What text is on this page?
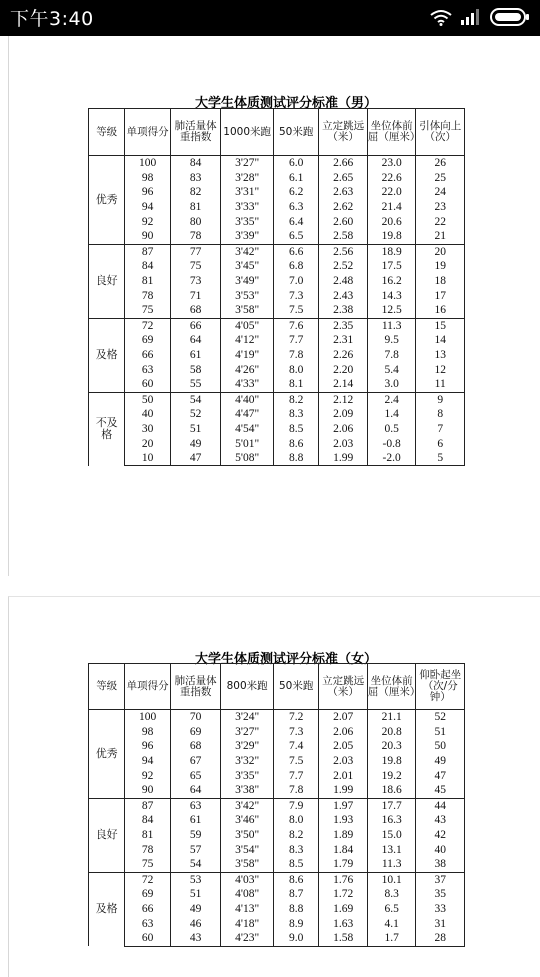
下午3:40
大学生体质测试评分标准（男）
等级	单项得分	肺活量体重指数	1000米跑	50米跑	立定跳远（米）	坐位体前屈（厘米）	引体向上（次）
优秀	100	84	3'27"	6.0	2.66	23.0	26
	98	83	3'28"	6.1	2.65	22.6	25
	96	82	3'31"	6.2	2.63	22.0	24
	94	81	3'33"	6.3	2.62	21.4	23
	92	80	3'35"	6.4	2.60	20.6	22
	90	78	3'39"	6.5	2.58	19.8	21
良好	87	77	3'42"	6.6	2.56	18.9	20
	84	75	3'45"	6.8	2.52	17.5	19
	81	73	3'49"	7.0	2.48	16.2	18
	78	71	3'53"	7.3	2.43	14.3	17
	75	68	3'58"	7.5	2.38	12.5	16
及格	72	66	4'05"	7.6	2.35	11.3	15
	69	64	4'12"	7.7	2.31	9.5	14
	66	61	4'19"	7.8	2.26	7.8	13
	63	58	4'26"	8.0	2.20	5.4	12
	60	55	4'33"	8.1	2.14	3.0	11
不及格	50	54	4'40"	8.2	2.12	2.4	9
	40	52	4'47"	8.3	2.09	1.4	8
	30	51	4'54"	8.5	2.06	0.5	7
	20	49	5'01"	8.6	2.03	-0.8	6
	10	47	5'08"	8.8	1.99	-2.0	5
大学生体质测试评分标准（女）
等级	单项得分	肺活量体重指数	800米跑	50米跑	立定跳远（米）	坐位体前屈（厘米）	仰卧起坐（次/分钟）
优秀	100	70	3'24"	7.2	2.07	21.1	52
	98	69	3'27"	7.3	2.06	20.8	51
	96	68	3'29"	7.4	2.05	20.3	50
	94	67	3'32"	7.5	2.03	19.8	49
	92	65	3'35"	7.7	2.01	19.2	47
	90	64	3'38"	7.8	1.99	18.6	45
良好	87	63	3'42"	7.9	1.97	17.7	44
	84	61	3'46"	8.0	1.93	16.3	43
	81	59	3'50"	8.2	1.89	15.0	42
	78	57	3'54"	8.3	1.84	13.1	40
	75	54	3'58"	8.5	1.79	11.3	38
及格	72	53	4'03"	8.6	1.76	10.1	37
	69	51	4'08"	8.7	1.72	8.3	35
	66	49	4'13"	8.8	1.69	6.5	33
	63	46	4'18"	8.9	1.63	4.1	31
	60	43	4'23"	9.0	1.58	1.7	28
